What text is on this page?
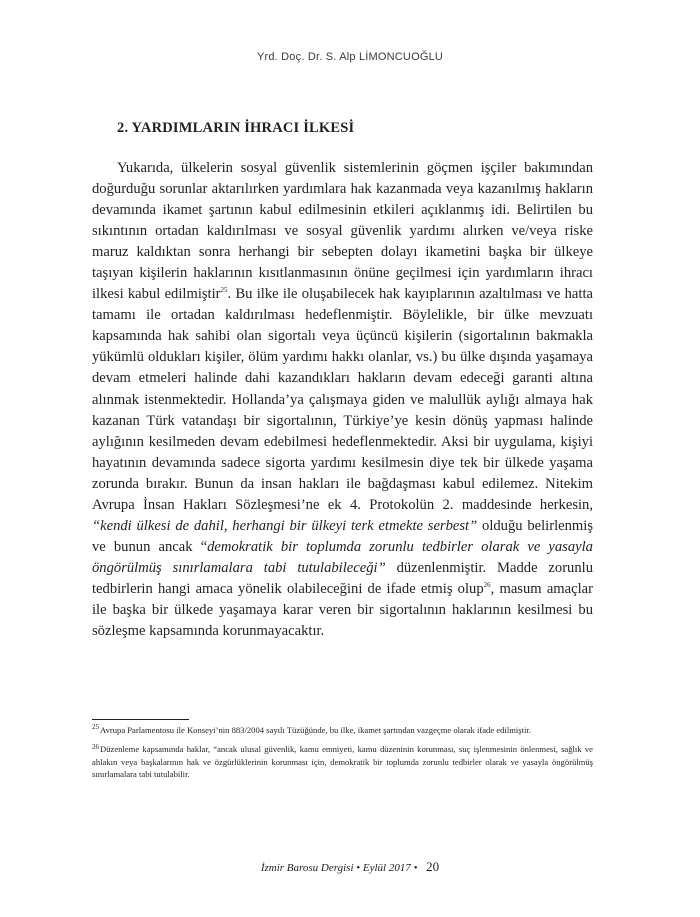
Yrd. Doç. Dr. S. Alp LİMONCUOĞLU
2. YARDIMLARIN İHRACI İLKESİ

Yukarıda, ülkelerin sosyal güvenlik sistemlerinin göçmen işçiler bakımından doğurduğu sorunlar aktarılırken yardımlara hak kazanmada veya kazanılmış hakların devamında ikamet şartının kabul edilmesinin etkileri açıklanmış idi. Belirtilen bu sıkıntının ortadan kaldırılması ve sosyal güvenlik yardımı alırken ve/veya riske maruz kaldıktan sonra herhangi bir sebepten dolayı ikametini başka bir ülkeye taşıyan kişilerin haklarının kısıtlanmasının önüne geçilmesi için yardımların ihracı ilkesi kabul edilmiştir$^{25}$. Bu ilke ile oluşabilecek hak kayıplarının azaltılması ve hatta tamamı ile ortadan kaldırılması hedeflenmiştir. Böylelikle, bir ülke mevzuatı kapsamında hak sahibi olan sigortalı veya üçüncü kişilerin (sigortalının bakmakla yükümlü oldukları kişiler, ölüm yardımı hakkı olanlar, vs.) bu ülke dışında yaşamaya devam etmeleri halinde dahi kazandıkları hakların devam edeceği garanti altına alınmak istenmektedir. Hollanda’ya çalışmaya giden ve malullük aylığı almaya hak kazanan Türk vatandaşı bir sigortalının, Türkiye’ye kesin dönüş yapması halinde aylığının kesilmeden devam edebilmesi hedeflenmektedir. Aksi bir uygulama, kişiyi hayatının devamında sadece sigorta yardımı kesilmesin diye tek bir ülkede yaşama zorunda bırakır. Bunun da insan hakları ile bağdaşması kabul edilemez. Nitekim Avrupa İnsan Hakları Sözleşmesi’ne ek 4. Protokolün 2. maddesinde herkesin, “kendi ülkesi de dahil, herhangi bir ülkeyi terk etmekte serbest” olduğu belirlenmiş ve bunun ancak “demokratik bir toplumda zorunlu tedbirler olarak ve yasayla öngörülmüş sınırlamalara tabi tutulabileceği” düzenlenmiştir. Madde zorunlu tedbirlerin hangi amaca yönelik olabileceğini de ifade etmiş olup$^{26}$, masum amaçlar ile başka bir ülkede yaşamaya karar veren bir sigortalının haklarının kesilmesi bu sözleşme kapsamında korunmayacaktır.

$^{25}$Avrupa Parlamentosu ile Konseyi’nin 883/2004 sayılı Tüzüğünde, bu ilke, ikamet şartından vazgeçme olarak ifade edilmiştir.

$^{26}$Düzenleme kapsamında haklar, “ancak ulusal güvenlik, kamu emniyeti, kamu düzeninin korunması, suç işlenmesinin önlenmesi, sağlık ve ahlakın veya başkalarının hak ve özgürlüklerinin korunması için, demokratik bir toplumda zorunlu tedbirler olarak ve yasayla öngörülmüş sınırlamalara tabi tutulabilir.

İzmir Barosu Dergisi • Eylül 2017 • 20
